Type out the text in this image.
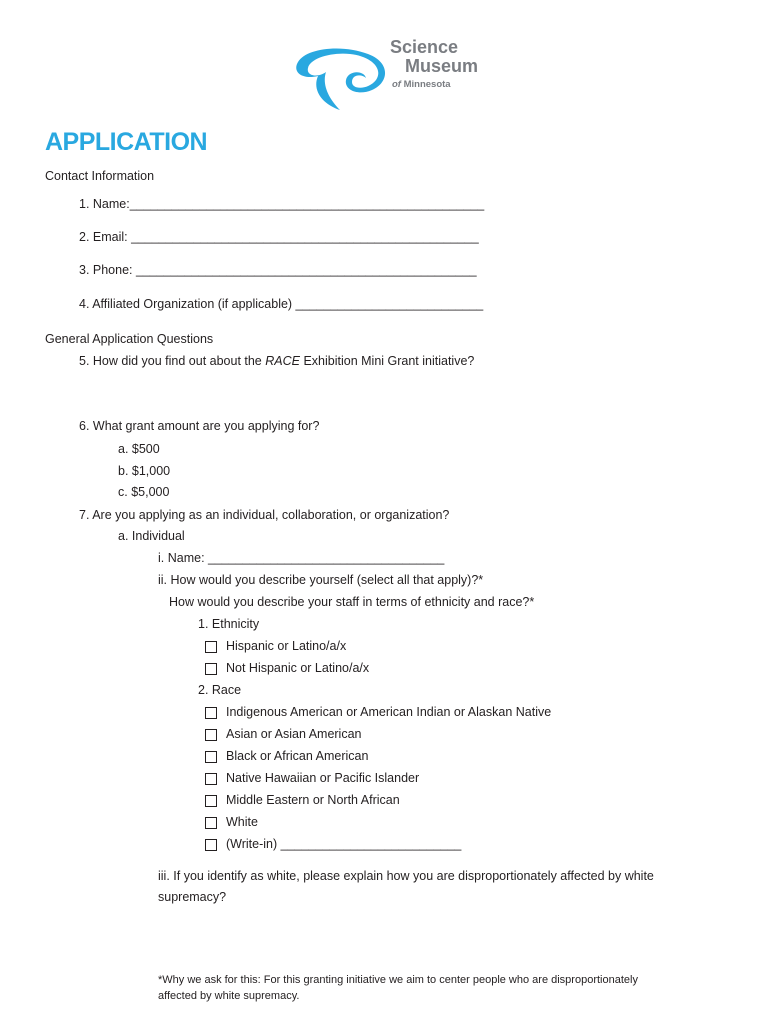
Science
Museum
of Minnesota
APPLICATION
Contact Information
1. Name:___________________________________________________
2. Email: __________________________________________________
3. Phone: _________________________________________________
4. Affiliated Organization (if applicable) ___________________________
General Application Questions
5. How did you find out about the RACE Exhibition Mini Grant initiative?
6. What grant amount are you applying for?
a. $500
b. $1,000
c. $5,000
7. Are you applying as an individual, collaboration, or organization?
a. Individual
i. Name: __________________________________
ii. How would you describe yourself (select all that apply)?*
How would you describe your staff in terms of ethnicity and race?*
1. Ethnicity
Hispanic or Latino/a/x
Not Hispanic or Latino/a/x
2. Race
Indigenous American or American Indian or Alaskan Native
Asian or Asian American
Black or African American
Native Hawaiian or Pacific Islander
Middle Eastern or North African
White
(Write-in) __________________________
iii. If you identify as white, please explain how you are disproportionately affected by white
supremacy?
*Why we ask for this: For this granting initiative we aim to center people who are disproportionately
affected by white supremacy.
